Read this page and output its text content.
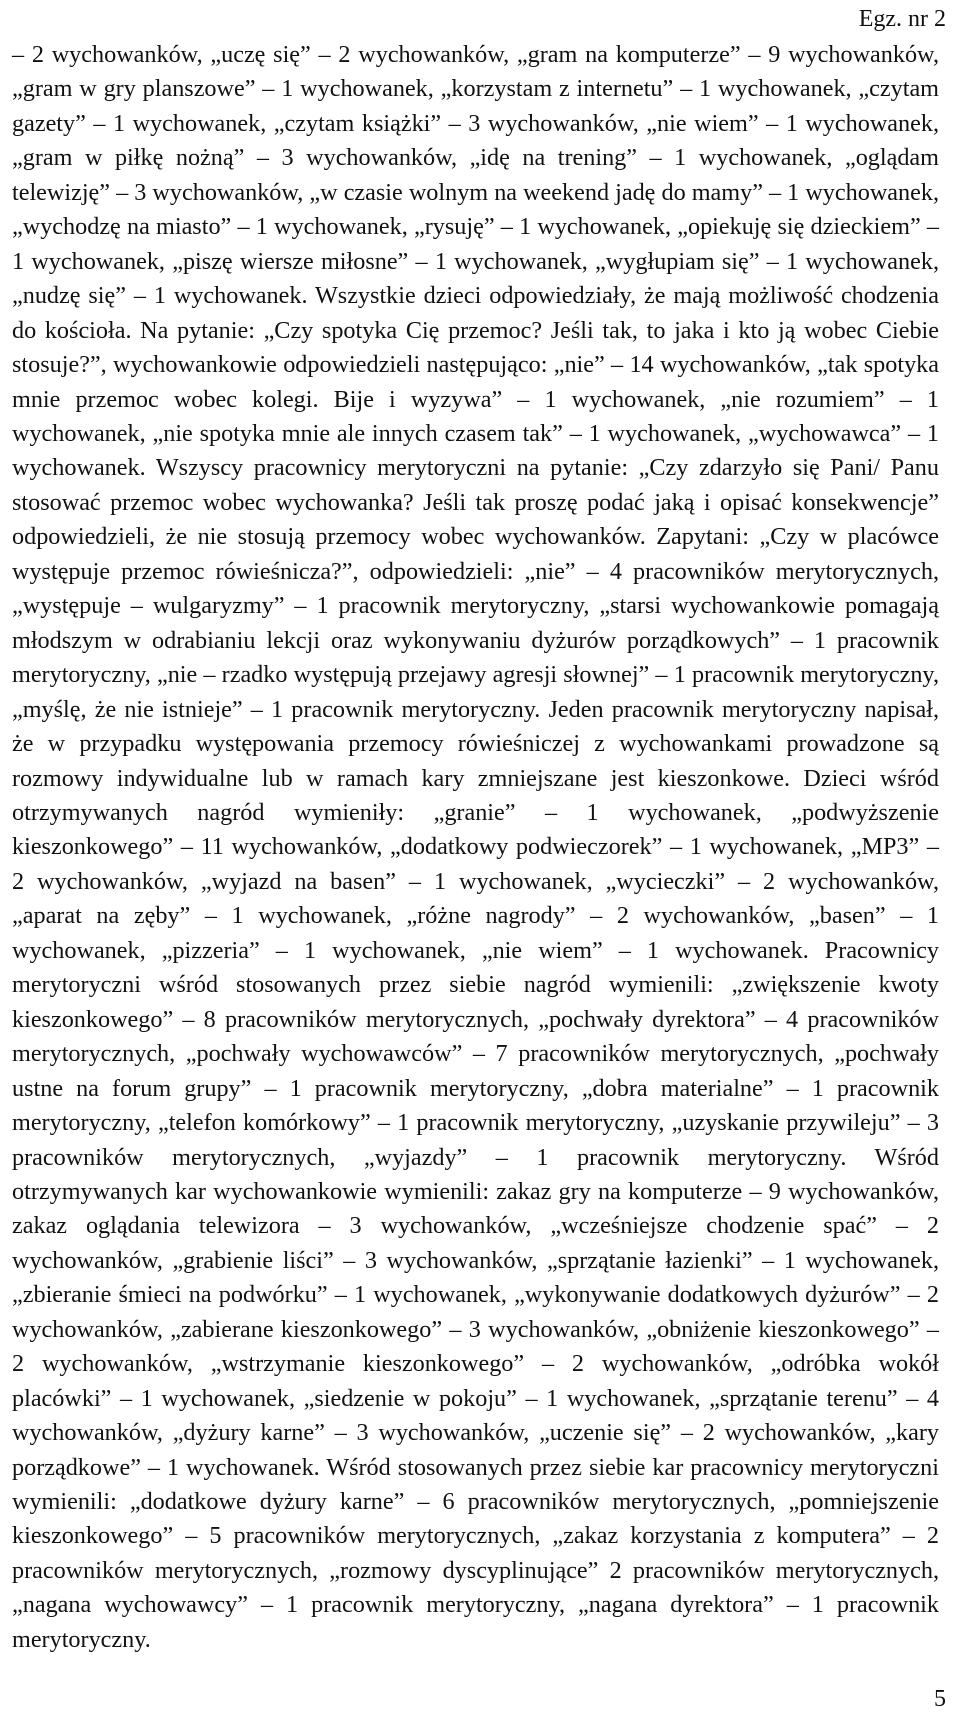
Egz. nr 2

– 2 wychowanków, „uczę się” – 2 wychowanków, „gram na komputerze” – 9 wychowanków, „gram w gry planszowe” – 1 wychowanek, „korzystam z internetu” – 1 wychowanek, „czytam gazety” – 1 wychowanek, „czytam książki” – 3 wychowanków, „nie wiem” – 1 wychowanek, „gram w piłkę nożną” – 3 wychowanków, „idę na trening” – 1 wychowanek, „oglądam telewizję” – 3 wychowanków, „w czasie wolnym na weekend jadę do mamy” – 1 wychowanek, „wychodzę na miasto” – 1 wychowanek, „rysuję” – 1 wychowanek, „opiekuję się dzieckiem” – 1 wychowanek, „piszę wiersze miłosne” – 1 wychowanek, „wygłupiam się” – 1 wychowanek, „nudzę się” – 1 wychowanek. Wszystkie dzieci odpowiedziały, że mają możliwość chodzenia do kościoła. Na pytanie: „Czy spotyka Cię przemoc? Jeśli tak, to jaka i kto ją wobec Ciebie stosuje?”, wychowankowie odpowiedzieli następująco: „nie” – 14 wychowanków, „tak spotyka mnie przemoc wobec kolegi. Bije i wyzywa” – 1 wychowanek, „nie rozumiem” – 1 wychowanek, „nie spotyka mnie ale innych czasem tak” – 1 wychowanek, „wychowawca” – 1 wychowanek. Wszyscy pracownicy merytoryczni na pytanie: „Czy zdarzyło się Pani/ Panu stosować przemoc wobec wychowanka? Jeśli tak proszę podać jaką i opisać konsekwencje” odpowiedzieli, że nie stosują przemocy wobec wychowanków. Zapytani: „Czy w placówce występuje przemoc rówieśnicza?”, odpowiedzieli: „nie” – 4 pracowników merytorycznych, „występuje – wulgaryzmy” – 1 pracownik merytoryczny, „starsi wychowankowie pomagają młodszym w odrabianiu lekcji oraz wykonywaniu dyżurów porządkowych” – 1 pracownik merytoryczny, „nie – rzadko występują przejawy agresji słownej” – 1 pracownik merytoryczny, „myślę, że nie istnieje” – 1 pracownik merytoryczny. Jeden pracownik merytoryczny napisał, że w przypadku występowania przemocy rówieśniczej z wychowankami prowadzone są rozmowy indywidualne lub w ramach kary zmniejszane jest kieszonkowe. Dzieci wśród otrzymywanych nagród wymieniły: „granie” – 1 wychowanek, „podwyższenie kieszonkowego” – 11 wychowanków, „dodatkowy podwieczorek” – 1 wychowanek, „MP3” – 2 wychowanków, „wyjazd na basen” – 1 wychowanek, „wycieczki” – 2 wychowanków, „aparat na zęby” – 1 wychowanek, „różne nagrody” – 2 wychowanków, „basen” – 1 wychowanek, „pizzeria” – 1 wychowanek, „nie wiem” – 1 wychowanek. Pracownicy merytoryczni wśród stosowanych przez siebie nagród wymienili: „zwiększenie kwoty kieszonkowego” – 8 pracowników merytorycznych, „pochwały dyrektora” – 4 pracowników merytorycznych, „pochwały wychowawców” – 7 pracowników merytorycznych, „pochwały ustne na forum grupy” – 1 pracownik merytoryczny, „dobra materialne” – 1 pracownik merytoryczny, „telefon komórkowy” – 1 pracownik merytoryczny, „uzyskanie przywileju” – 3 pracowników merytorycznych, „wyjazdy” – 1 pracownik merytoryczny. Wśród otrzymywanych kar wychowankowie wymienili: zakaz gry na komputerze – 9 wychowanków, zakaz oglądania telewizora – 3 wychowanków, „wcześniejsze chodzenie spać” – 2 wychowanków, „grabienie liści” – 3 wychowanków, „sprzątanie łazienki” – 1 wychowanek, „zbieranie śmieci na podwórku” – 1 wychowanek, „wykonywanie dodatkowych dyżurów” – 2 wychowanków, „zabierane kieszonkowego” – 3 wychowanków, „obniżenie kieszonkowego” – 2 wychowanków, „wstrzymanie kieszonkowego” – 2 wychowanków, „odróbka wokół placówki” – 1 wychowanek, „siedzenie w pokoju” – 1 wychowanek, „sprzątanie terenu” – 4 wychowanków, „dyżury karne” – 3 wychowanków, „uczenie się” – 2 wychowanków, „kary porządkowe” – 1 wychowanek. Wśród stosowanych przez siebie kar pracownicy merytoryczni wymienili: „dodatkowe dyżury karne” – 6 pracowników merytorycznych, „pomniejszenie kieszonkowego” – 5 pracowników merytorycznych, „zakaz korzystania z komputera” – 2 pracowników merytorycznych, „rozmowy dyscyplinujące” 2 pracowników merytorycznych, „nagana wychowawcy” – 1 pracownik merytoryczny, „nagana dyrektora” – 1 pracownik merytoryczny.

5
